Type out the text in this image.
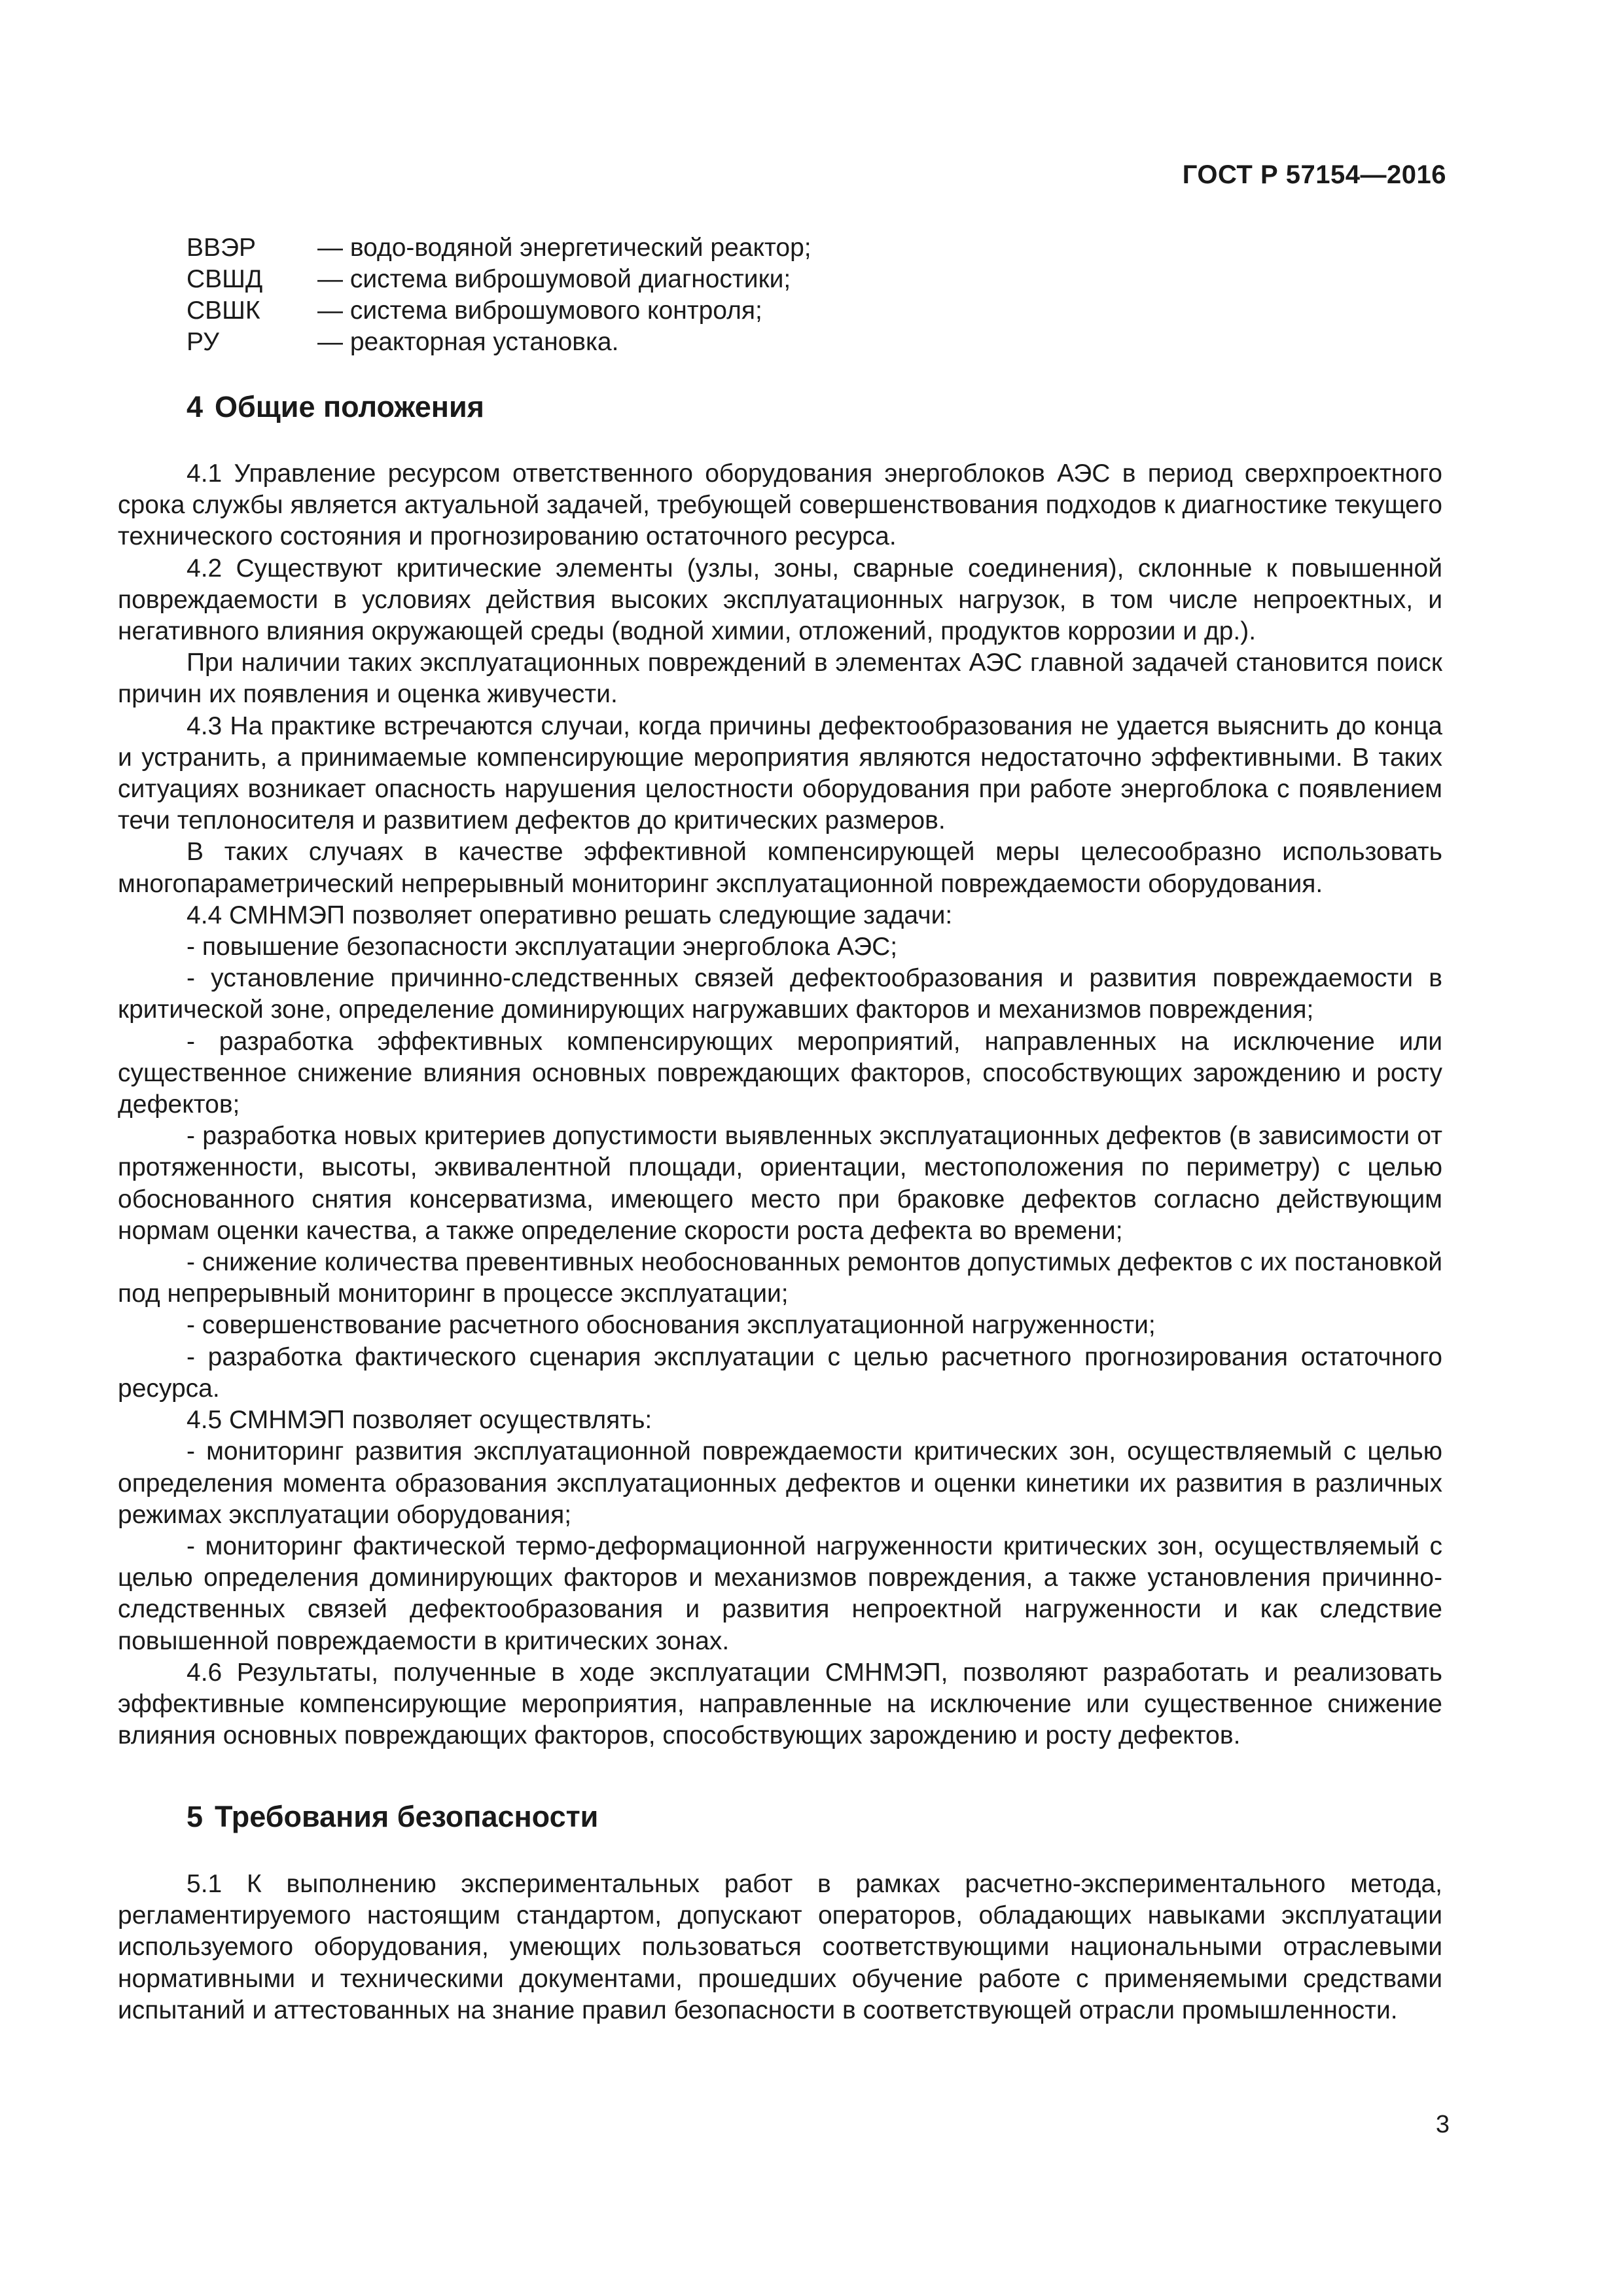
ГОСТ Р 57154—2016
ВВЭР	— водо-водяной энергетический реактор;
СВШД	— система виброшумовой диагностики;
СВШК	— система виброшумового контроля;
РУ	— реакторная установка.
4 Общие положения

4.1 Управление ресурсом ответственного оборудования энергоблоков АЭС в период сверхпроектного срока службы является актуальной задачей, требующей совершенствования подходов к диагностике текущего технического состояния и прогнозированию остаточного ресурса.

4.2 Существуют критические элементы (узлы, зоны, сварные соединения), склонные к повышенной повреждаемости в условиях действия высоких эксплуатационных нагрузок, в том числе непроектных, и негативного влияния окружающей среды (водной химии, отложений, продуктов коррозии и др.).

При наличии таких эксплуатационных повреждений в элементах АЭС главной задачей становится поиск причин их появления и оценка живучести.

4.3 На практике встречаются случаи, когда причины дефектообразования не удается выяснить до конца и устранить, а принимаемые компенсирующие мероприятия являются недостаточно эффективными. В таких ситуациях возникает опасность нарушения целостности оборудования при работе энергоблока с появлением течи теплоносителя и развитием дефектов до критических размеров.

В таких случаях в качестве эффективной компенсирующей меры целесообразно использовать многопараметрический непрерывный мониторинг эксплуатационной повреждаемости оборудования.

4.4 СМНМЭП позволяет оперативно решать следующие задачи:

- повышение безопасности эксплуатации энергоблока АЭС;

- установление причинно-следственных связей дефектообразования и развития повреждаемости в критической зоне, определение доминирующих нагружавших факторов и механизмов повреждения;

- разработка эффективных компенсирующих мероприятий, направленных на исключение или существенное снижение влияния основных повреждающих факторов, способствующих зарождению и росту дефектов;

- разработка новых критериев допустимости выявленных эксплуатационных дефектов (в зависимости от протяженности, высоты, эквивалентной площади, ориентации, местоположения по периметру) с целью обоснованного снятия консерватизма, имеющего место при браковке дефектов согласно действующим нормам оценки качества, а также определение скорости роста дефекта во времени;

- снижение количества превентивных необоснованных ремонтов допустимых дефектов с их постановкой под непрерывный мониторинг в процессе эксплуатации;

- совершенствование расчетного обоснования эксплуатационной нагруженности;

- разработка фактического сценария эксплуатации с целью расчетного прогнозирования остаточного ресурса.

4.5 СМНМЭП позволяет осуществлять:

- мониторинг развития эксплуатационной повреждаемости критических зон, осуществляемый с целью определения момента образования эксплуатационных дефектов и оценки кинетики их развития в различных режимах эксплуатации оборудования;

- мониторинг фактической термо-деформационной нагруженности критических зон, осуществляемый с целью определения доминирующих факторов и механизмов повреждения, а также установления причинно-следственных связей дефектообразования и развития непроектной нагруженности и как следствие повышенной повреждаемости в критических зонах.

4.6 Результаты, полученные в ходе эксплуатации СМНМЭП, позволяют разработать и реализовать эффективные компенсирующие мероприятия, направленные на исключение или существенное снижение влияния основных повреждающих факторов, способствующих зарождению и росту дефектов.

5 Требования безопасности

5.1 К выполнению экспериментальных работ в рамках расчетно-экспериментального метода, регламентируемого настоящим стандартом, допускают операторов, обладающих навыками эксплуатации используемого оборудования, умеющих пользоваться соответствующими национальными отраслевыми нормативными и техническими документами, прошедших обучение работе с применяемыми средствами испытаний и аттестованных на знание правил безопасности в соответствующей отрасли промышленности.

3
